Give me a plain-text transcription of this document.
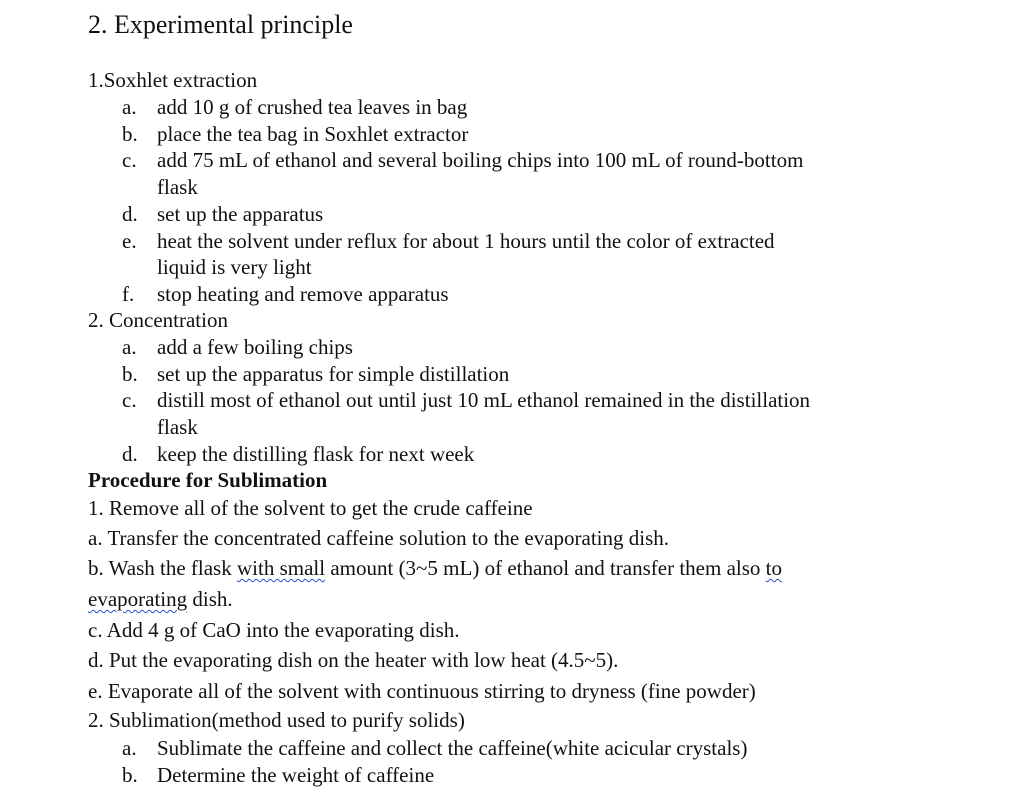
2. Experimental principle
1.Soxhlet extraction
a. add 10 g of crushed tea leaves in bag
b. place the tea bag in Soxhlet extractor
c. add 75 mL of ethanol and several boiling chips into 100 mL of round-bottom
flask
d. set up the apparatus
e. heat the solvent under reflux for about 1 hours until the color of extracted
liquid is very light
f. stop heating and remove apparatus
2. Concentration
a. add a few boiling chips
b. set up the apparatus for simple distillation
c. distill most of ethanol out until just 10 mL ethanol remained in the distillation
flask
d. keep the distilling flask for next week
Procedure for Sublimation
1. Remove all of the solvent to get the crude caffeine
a. Transfer the concentrated caffeine solution to the evaporating dish.
b. Wash the flask with small amount (3~5 mL) of ethanol and transfer them also to
evaporating dish.
c. Add 4 g of CaO into the evaporating dish.
d. Put the evaporating dish on the heater with low heat (4.5~5).
e. Evaporate all of the solvent with continuous stirring to dryness (fine powder)
2. Sublimation(method used to purify solids)
a. Sublimate the caffeine and collect the caffeine(white acicular crystals)
b. Determine the weight of caffeine
